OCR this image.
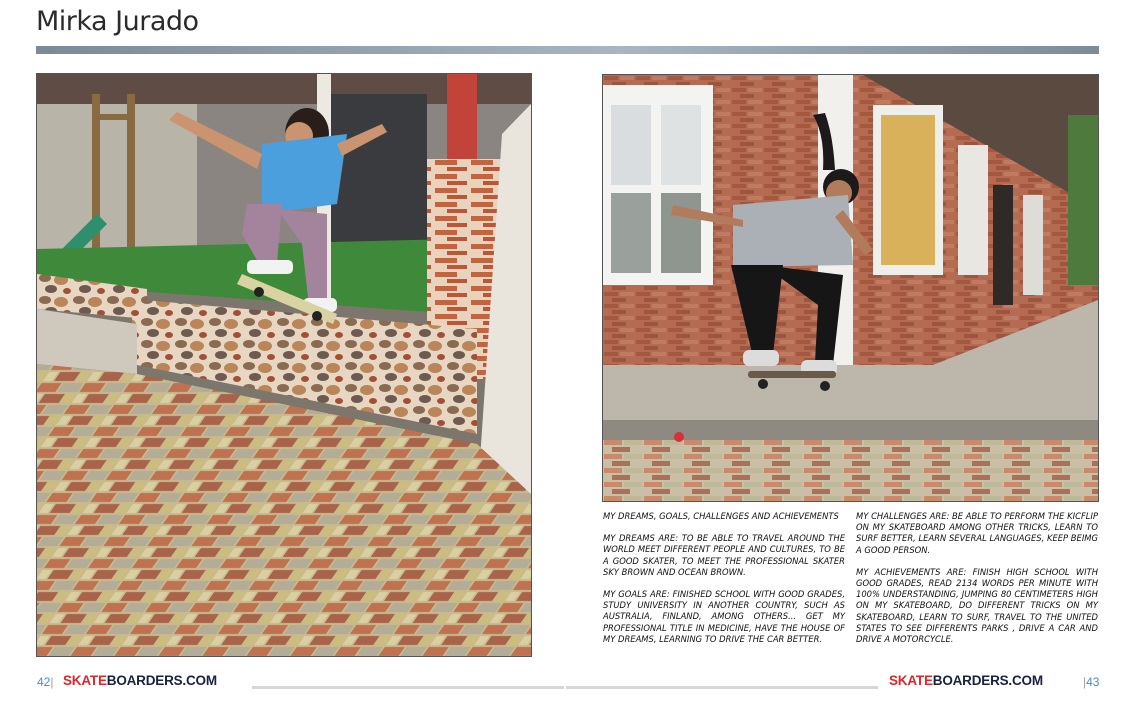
Mirka Jurado

MY DREAMS, GOALS, CHALLENGES AND ACHIEVEMENTS

MY DREAMS ARE: TO BE ABLE TO TRAVEL AROUND THE WORLD MEET DIFFERENT PEOPLE AND CULTURES, TO BE A GOOD SKATER, TO MEET THE PROFESSIONAL SKATER SKY BROWN AND OCEAN BROWN.

MY GOALS ARE: FINISHED SCHOOL WITH GOOD GRADES, STUDY UNIVERSITY IN ANOTHER COUNTRY, SUCH AS AUSTRALIA, FINLAND, AMONG OTHERS... GET MY PROFESSIONAL TITLE IN MEDICINE, HAVE THE HOUSE OF MY DREAMS, LEARNING TO DRIVE THE CAR BETTER.

MY CHALLENGES ARE: BE ABLE TO PERFORM THE KICFLIP ON MY SKATEBOARD AMONG OTHER TRICKS, LEARN TO SURF BETTER, LEARN SEVERAL LANGUAGES, KEEP BEIMG A GOOD PERSON.

MY ACHIEVEMENTS ARE: FINISH HIGH SCHOOL WITH GOOD GRADES, READ 2134 WORDS PER MINUTE WITH 100% UNDERSTANDING, JUMPING 80 CENTIMETERS HIGH ON MY SKATEBOARD, DO DIFFERENT TRICKS ON MY SKATEBOARD, LEARN TO SURF, TRAVEL TO THE UNITED STATES TO SEE DIFFERENTS PARKS , DRIVE A CAR AND DRIVE A MOTORCYCLE.

42| SKATEBOARDERS.COM	SKATEBOARDERS.COM	|43
